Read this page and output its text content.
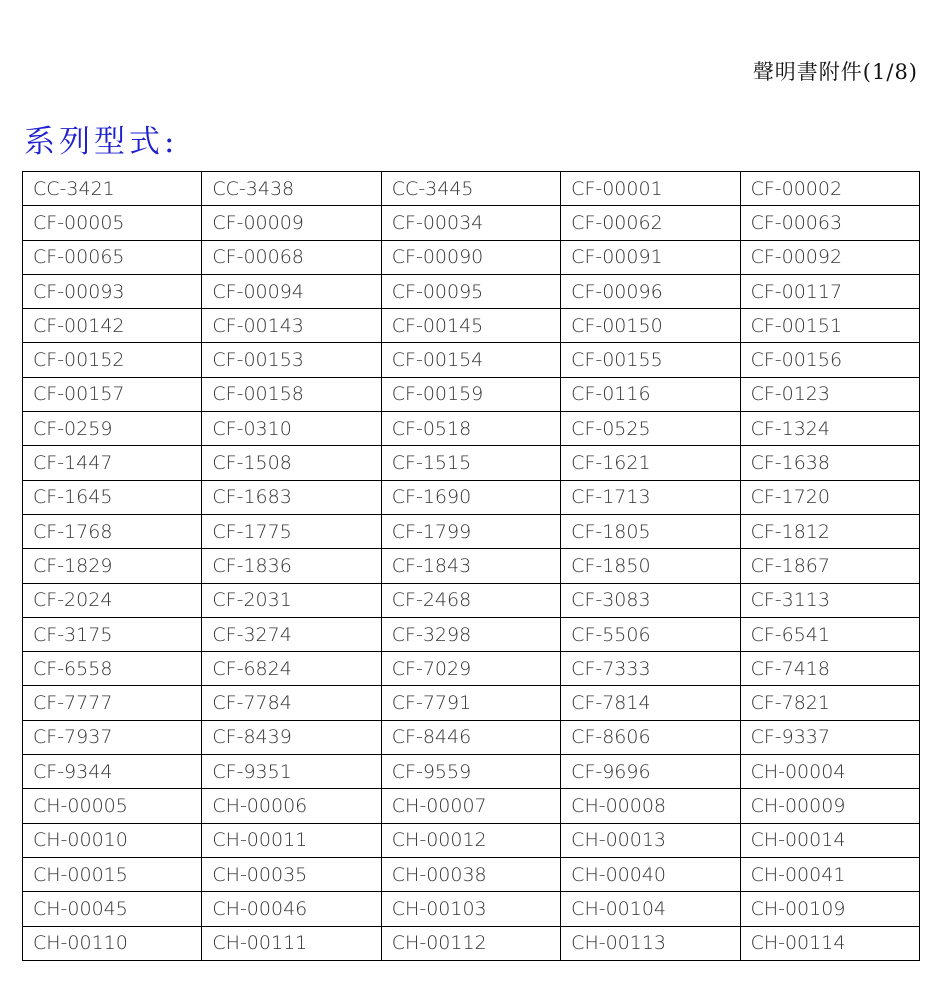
聲明書附件(1/8)
系列型式:
CC-3421	CC-3438	CC-3445	CF-00001	CF-00002
CF-00005	CF-00009	CF-00034	CF-00062	CF-00063
CF-00065	CF-00068	CF-00090	CF-00091	CF-00092
CF-00093	CF-00094	CF-00095	CF-00096	CF-00117
CF-00142	CF-00143	CF-00145	CF-00150	CF-00151
CF-00152	CF-00153	CF-00154	CF-00155	CF-00156
CF-00157	CF-00158	CF-00159	CF-0116	CF-0123
CF-0259	CF-0310	CF-0518	CF-0525	CF-1324
CF-1447	CF-1508	CF-1515	CF-1621	CF-1638
CF-1645	CF-1683	CF-1690	CF-1713	CF-1720
CF-1768	CF-1775	CF-1799	CF-1805	CF-1812
CF-1829	CF-1836	CF-1843	CF-1850	CF-1867
CF-2024	CF-2031	CF-2468	CF-3083	CF-3113
CF-3175	CF-3274	CF-3298	CF-5506	CF-6541
CF-6558	CF-6824	CF-7029	CF-7333	CF-7418
CF-7777	CF-7784	CF-7791	CF-7814	CF-7821
CF-7937	CF-8439	CF-8446	CF-8606	CF-9337
CF-9344	CF-9351	CF-9559	CF-9696	CH-00004
CH-00005	CH-00006	CH-00007	CH-00008	CH-00009
CH-00010	CH-00011	CH-00012	CH-00013	CH-00014
CH-00015	CH-00035	CH-00038	CH-00040	CH-00041
CH-00045	CH-00046	CH-00103	CH-00104	CH-00109
CH-00110	CH-00111	CH-00112	CH-00113	CH-00114
